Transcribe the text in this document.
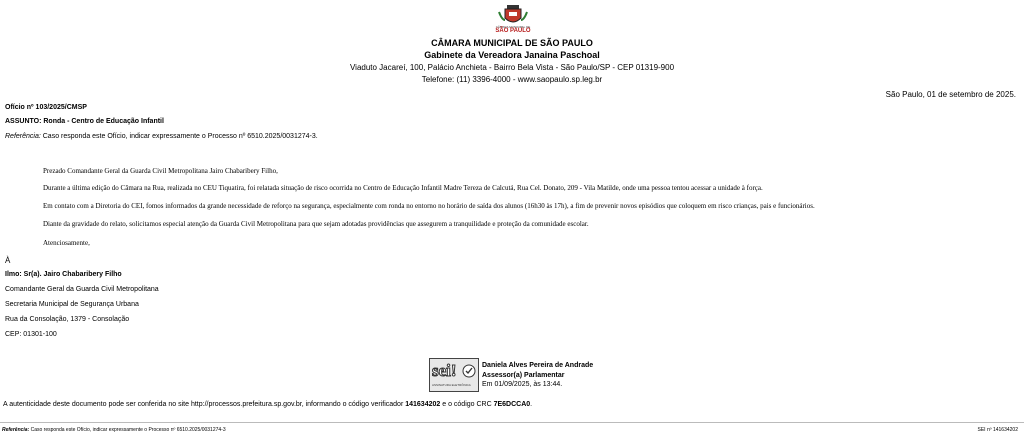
CÂMARA MUNICIPAL DE
SÃO PAULO
CÂMARA MUNICIPAL DE SÃO PAULO
Gabinete da Vereadora Janaina Paschoal
Viaduto Jacareí, 100, Palácio Anchieta - Bairro Bela Vista - São Paulo/SP - CEP 01319-900
Telefone: (11) 3396-4000 - www.saopaulo.sp.leg.br
São Paulo, 01 de setembro de 2025.
Ofício nº 103/2025/CMSP
ASSUNTO: Ronda - Centro de Educação Infantil
Referência: Caso responda este Ofício, indicar expressamente o Processo nº 6510.2025/0031274-3.
Prezado Comandante Geral da Guarda Civil Metropolitana Jairo Chabaribery Filho,
Durante a última edição do Câmara na Rua, realizada no CEU Tiquatira, foi relatada situação de risco ocorrida no Centro de Educação Infantil Madre Tereza de Calcutá, Rua Cel. Donato, 209 - Vila Matilde, onde uma pessoa tentou acessar a unidade à força.
Em contato com a Diretoria do CEI, fomos informados da grande necessidade de reforço na segurança, especialmente com ronda no entorno no horário de saída dos alunos (16h30 às 17h), a fim de prevenir novos episódios que coloquem em risco crianças, pais e funcionários.
Diante da gravidade do relato, solicitamos especial atenção da Guarda Civil Metropolitana para que sejam adotadas providências que assegurem a tranquilidade e proteção da comunidade escolar.
Atenciosamente,
À
Ilmo: Sr(a). Jairo Chabaribery Filho
Comandante Geral da Guarda Civil Metropolitana
Secretaria Municipal de Segurança Urbana
Rua da Consolação, 1379 - Consolação
CEP: 01301-100
sei!
ASSINATURA ELETRÔNICA
Daniela Alves Pereira de Andrade
Assessor(a) Parlamentar
Em 01/09/2025, às 13:44.
A autenticidade deste documento pode ser conferida no site http://processos.prefeitura.sp.gov.br, informando o código verificador 141634202 e o código CRC 7E6DCCA0.
Referência: Caso responda este Ofício, indicar expressamente o Processo nº 6510.2025/0031274-3	SEI nº 141634202
